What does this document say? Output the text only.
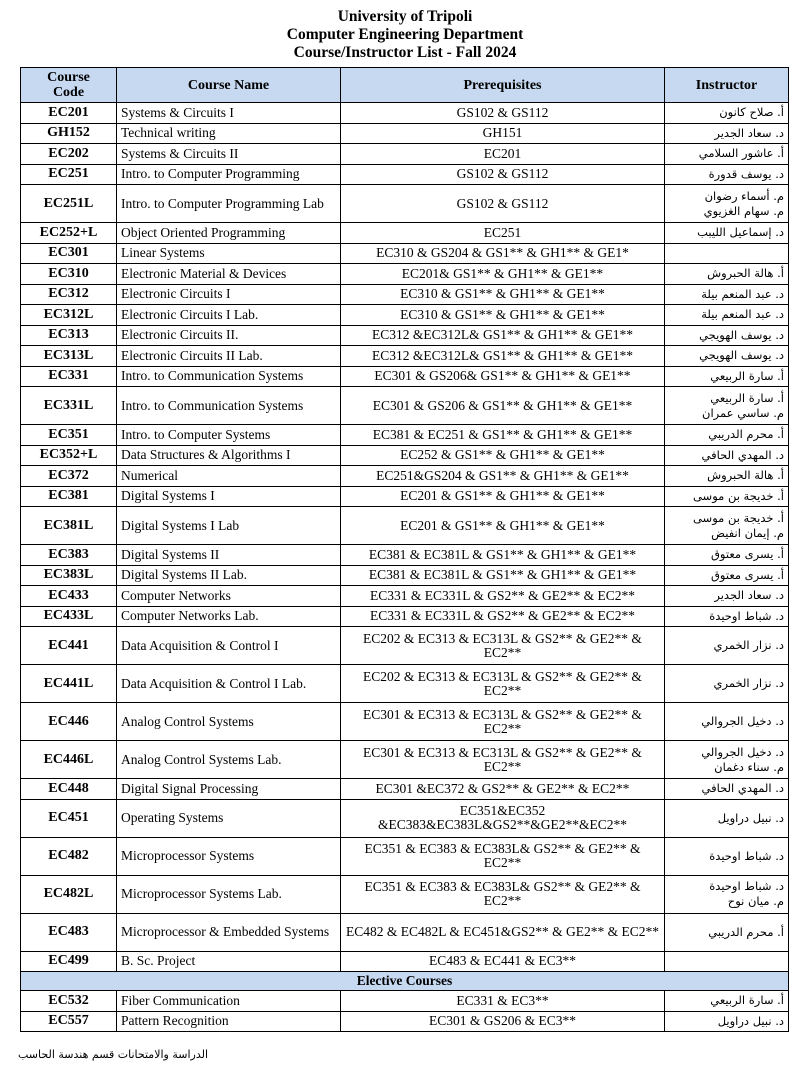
University of Tripoli
Computer Engineering Department
Course/Instructor List - Fall 2024
Course
Code	Course Name	Prerequisites	Instructor
EC201	Systems & Circuits I	GS102 & GS112	أ. صلاح كانون

GH152	Technical writing	GH151	د. سعاد الجدير

EC202	Systems & Circuits II	EC201	أ. عاشور السلامي

EC251	Intro. to Computer Programming	GS102 & GS112	د. يوسف قدورة

EC251L	Intro. to Computer Programming Lab	GS102 & GS112	م. أسماء رضوان
م. سهام الغزيوي

EC252+L	Object Oriented Programming	EC251	د. إسماعيل الليبب

EC301	Linear Systems	EC310 & GS204 & GS1** & GH1** & GE1*	

EC310	Electronic Material & Devices	EC201& GS1** & GH1** & GE1**	أ. هالة الحبروش

EC312	Electronic Circuits I	EC310 & GS1** & GH1** & GE1**	د. عبد المنعم بيلة

EC312L	Electronic Circuits I Lab.	EC310 & GS1** & GH1** & GE1**	د. عبد المنعم بيلة

EC313	Electronic Circuits II.	EC312 &EC312L& GS1** & GH1** & GE1**	د. يوسف الهويجي

EC313L	Electronic Circuits II Lab.	EC312 &EC312L& GS1** & GH1** & GE1**	د. يوسف الهويجي

EC331	Intro. to Communication Systems	EC301 & GS206& GS1** & GH1** & GE1**	أ. سارة الربيعي

EC331L	Intro. to Communication Systems	EC301 & GS206 & GS1** & GH1** & GE1**	أ. سارة الربيعي
م. ساسي عمران

EC351	Intro. to Computer Systems	EC381 & EC251 & GS1** & GH1** & GE1**	أ. محرم الدريبي

EC352+L	Data Structures & Algorithms I	EC252 & GS1** & GH1** & GE1**	د. المهدي الحافي

EC372	Numerical	EC251&GS204 & GS1** & GH1** & GE1**	أ. هالة الحبروش

EC381	Digital Systems I	EC201 & GS1** & GH1** & GE1**	أ. خديجة بن موسى

EC381L	Digital Systems I Lab	EC201 & GS1** & GH1** & GE1**	أ. خديجة بن موسى
م. إيمان انفيض

EC383	Digital Systems II	EC381 & EC381L & GS1** & GH1** & GE1**	أ. يسرى معتوق

EC383L	Digital Systems II Lab.	EC381 & EC381L & GS1** & GH1** & GE1**	أ. يسرى معتوق

EC433	Computer Networks	EC331 & EC331L & GS2** & GE2** & EC2**	د. سعاد الجدير

EC433L	Computer Networks Lab.	EC331 & EC331L & GS2** & GE2** & EC2**	د. شباط اوحيدة

EC441	Data Acquisition & Control I	EC202 & EC313 & EC313L & GS2** & GE2** & EC2**	د. نزار الخمري

EC441L	Data Acquisition & Control I Lab.	EC202 & EC313 & EC313L & GS2** & GE2** & EC2**	د. نزار الخمري

EC446	Analog Control Systems	EC301 & EC313 & EC313L & GS2** & GE2** & EC2**	د. دخيل الجروالي

EC446L	Analog Control Systems Lab.	EC301 & EC313 & EC313L & GS2** & GE2** & EC2**	د. دخيل الجروالي
م. سناء دغمان

EC448	Digital Signal Processing	EC301 &EC372 & GS2** & GE2** & EC2**	د. المهدي الحافي

EC451	Operating Systems	EC351&EC352 &EC383&EC383L&GS2**&GE2**&EC2**	د. نبيل دراويل

EC482	Microprocessor Systems	EC351 & EC383 & EC383L& GS2** & GE2** & EC2**	د. شباط اوحيدة

EC482L	Microprocessor Systems Lab.	EC351 & EC383 & EC383L& GS2** & GE2** & EC2**	د. شباط اوحيدة
م. ميان نوح

EC483	Microprocessor & Embedded Systems	EC482 & EC482L & EC451&GS2** & GE2** & EC2**	أ. محرم الدريبي

EC499	B. Sc. Project	EC483 & EC441 & EC3**	

Elective Courses			
EC532	Fiber Communication	EC331 & EC3**	أ. سارة الربيعي

EC557	Pattern Recognition	EC301 & GS206 & EC3**	د. نبيل دراويل
الدراسة والامتحانات قسم هندسة الحاسب
